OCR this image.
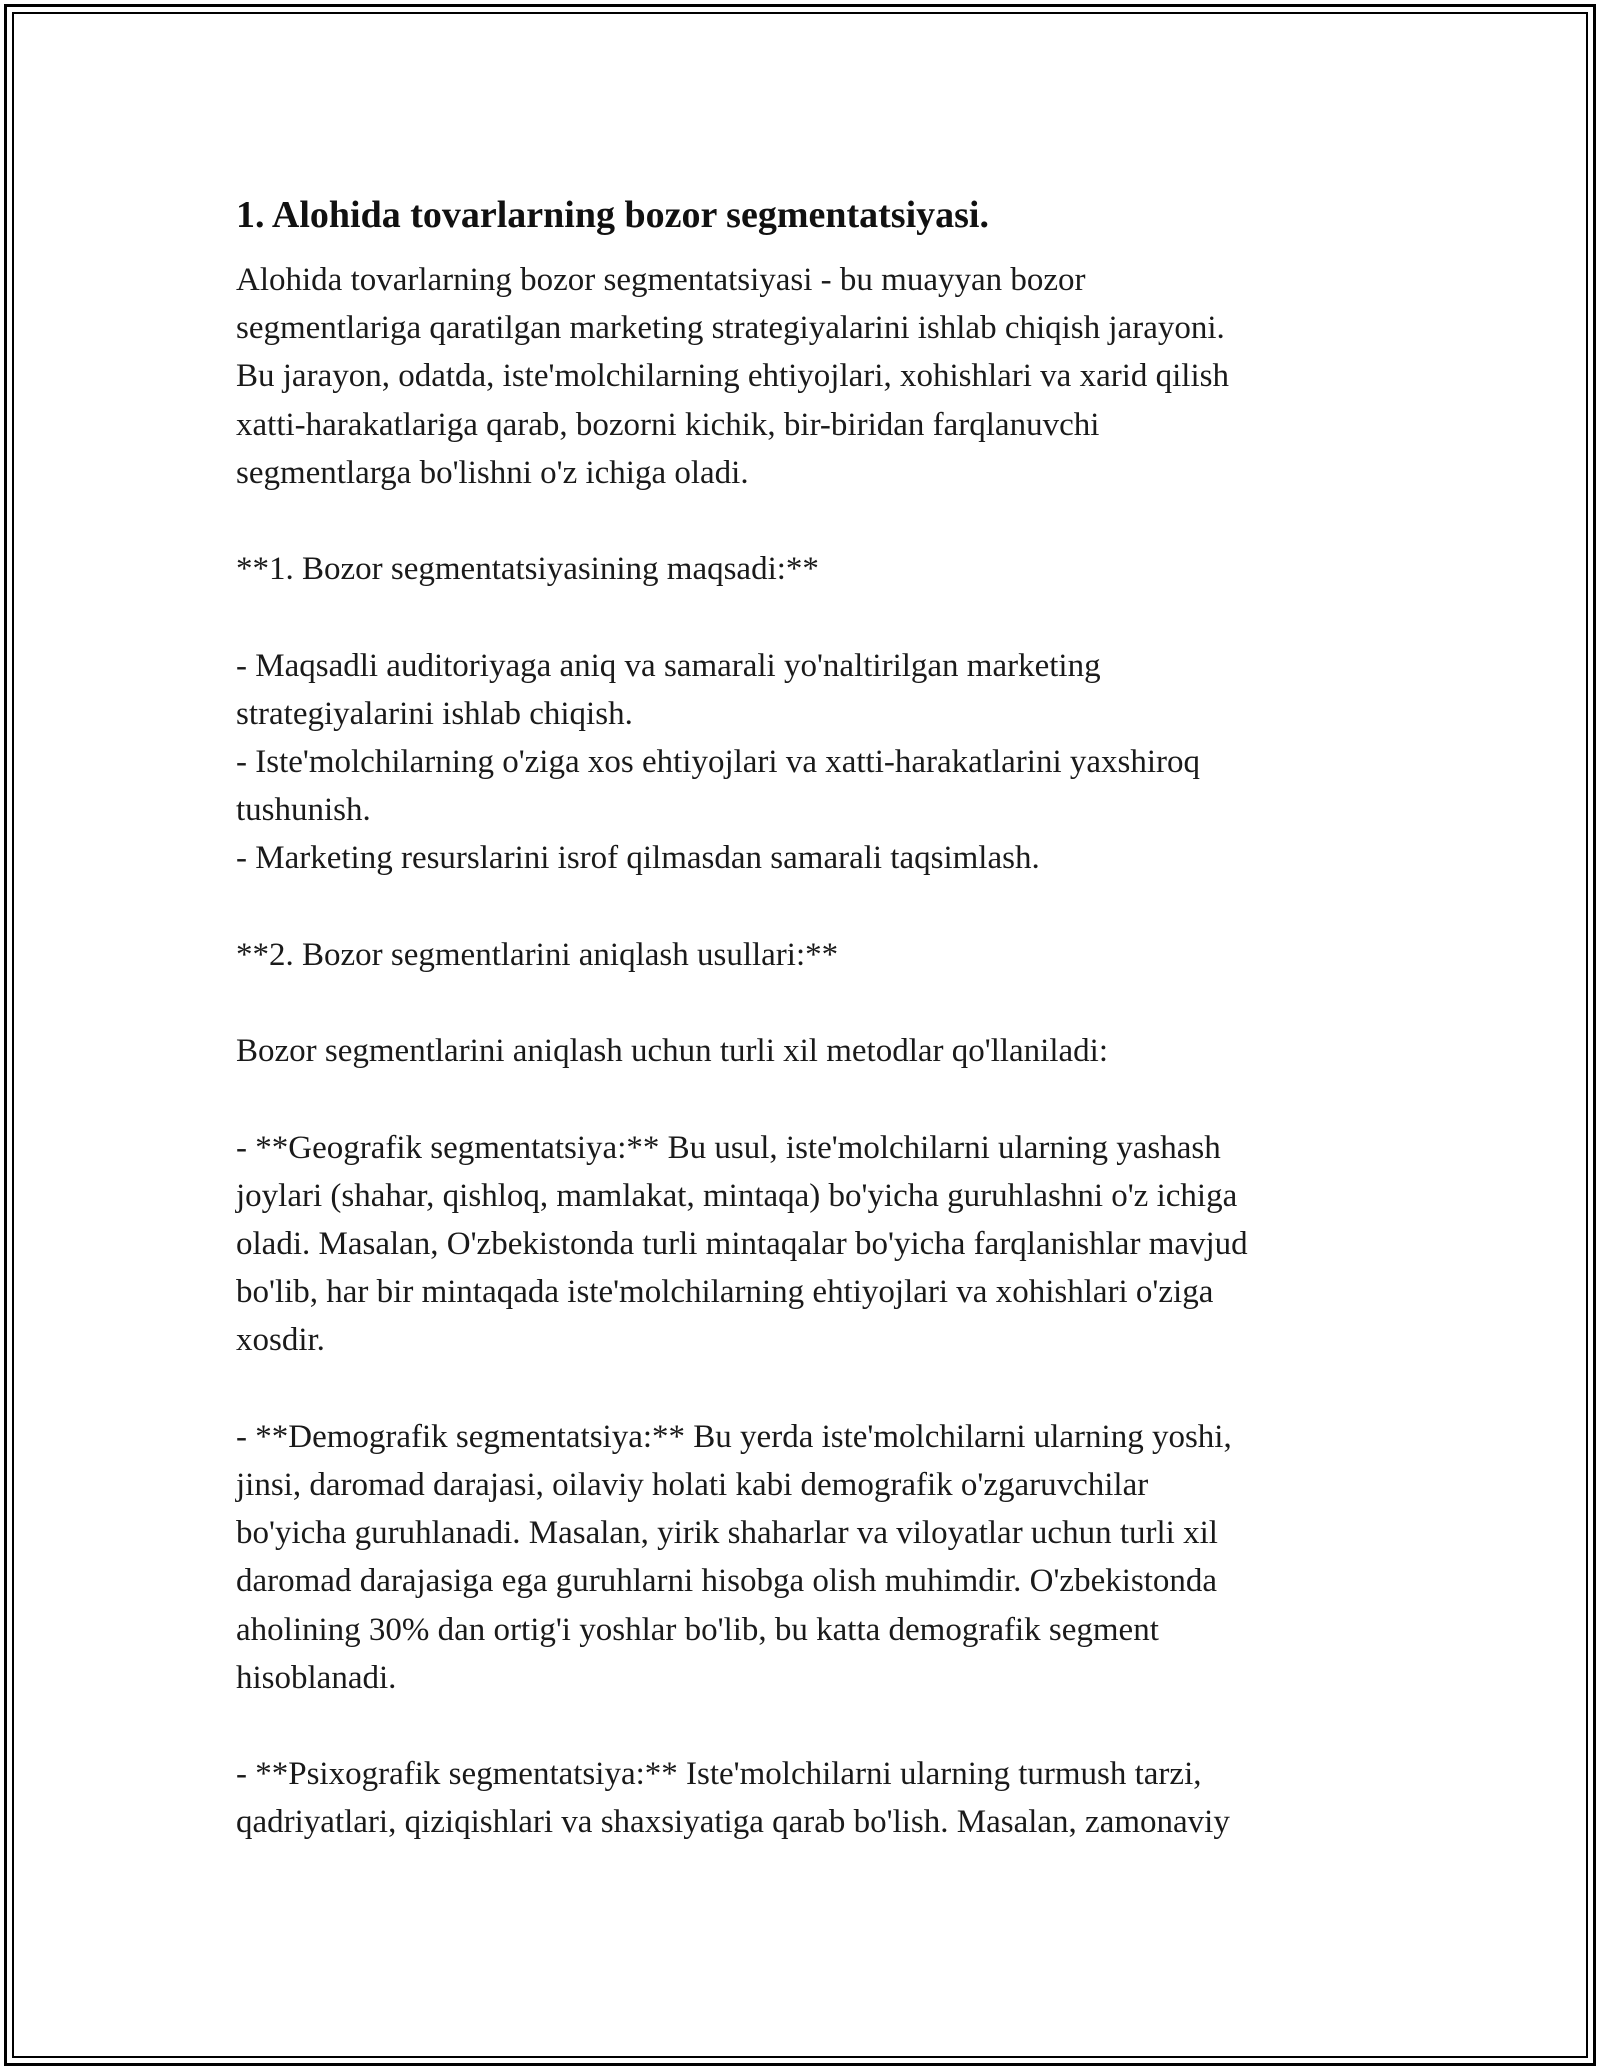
1. Alohida tovarlarning bozor segmentatsiyasi.

Alohida tovarlarning bozor segmentatsiyasi - bu muayyan bozor
segmentlariga qaratilgan marketing strategiyalarini ishlab chiqish jarayoni.
Bu jarayon, odatda, iste'molchilarning ehtiyojlari, xohishlari va xarid qilish
xatti-harakatlariga qarab, bozorni kichik, bir-biridan farqlanuvchi
segmentlarga bo'lishni o'z ichiga oladi.

**1. Bozor segmentatsiyasining maqsadi:**

- Maqsadli auditoriyaga aniq va samarali yo'naltirilgan marketing
strategiyalarini ishlab chiqish.
- Iste'molchilarning o'ziga xos ehtiyojlari va xatti-harakatlarini yaxshiroq
tushunish.
- Marketing resurslarini isrof qilmasdan samarali taqsimlash.

**2. Bozor segmentlarini aniqlash usullari:**

Bozor segmentlarini aniqlash uchun turli xil metodlar qo'llaniladi:

- **Geografik segmentatsiya:** Bu usul, iste'molchilarni ularning yashash
joylari (shahar, qishloq, mamlakat, mintaqa) bo'yicha guruhlashni o'z ichiga
oladi. Masalan, O'zbekistonda turli mintaqalar bo'yicha farqlanishlar mavjud
bo'lib, har bir mintaqada iste'molchilarning ehtiyojlari va xohishlari o'ziga
xosdir.

- **Demografik segmentatsiya:** Bu yerda iste'molchilarni ularning yoshi,
jinsi, daromad darajasi, oilaviy holati kabi demografik o'zgaruvchilar
bo'yicha guruhlanadi. Masalan, yirik shaharlar va viloyatlar uchun turli xil
daromad darajasiga ega guruhlarni hisobga olish muhimdir. O'zbekistonda
aholining 30% dan ortig'i yoshlar bo'lib, bu katta demografik segment
hisoblanadi.

- **Psixografik segmentatsiya:** Iste'molchilarni ularning turmush tarzi,
qadriyatlari, qiziqishlari va shaxsiyatiga qarab bo'lish. Masalan, zamonaviy
